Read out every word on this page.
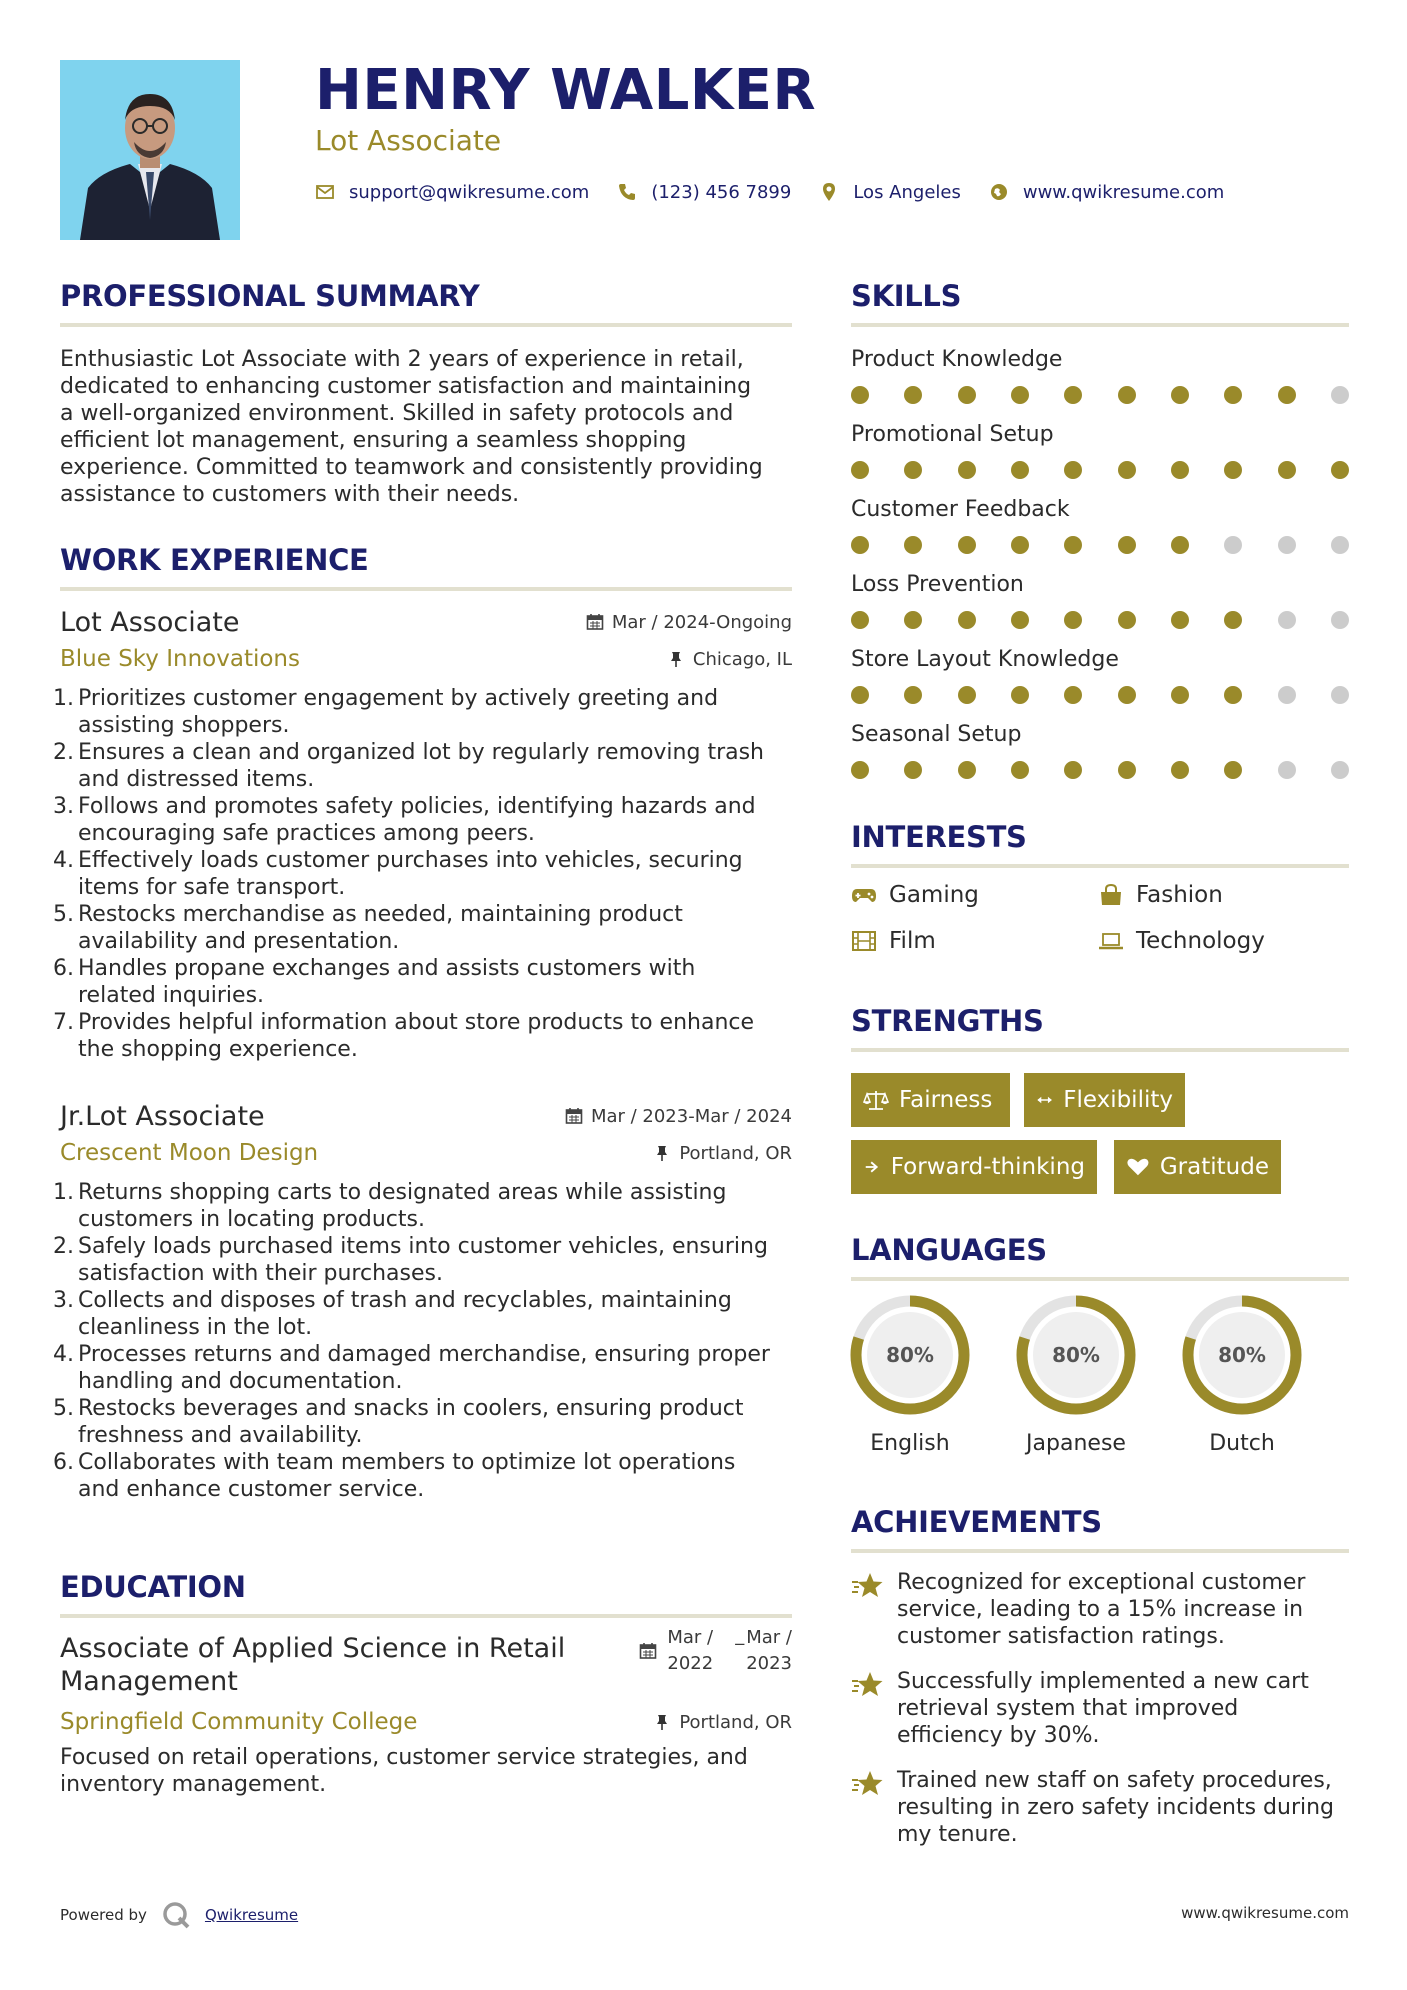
HENRY WALKER
Lot Associate
support@qwikresume.com	(123) 456 7899	Los Angeles	www.qwikresume.com
PROFESSIONAL SUMMARY
Enthusiastic Lot Associate with 2 years of experience in retail,
dedicated to enhancing customer satisfaction and maintaining
a well-organized environment. Skilled in safety protocols and
efficient lot management, ensuring a seamless shopping
experience. Committed to teamwork and consistently providing
assistance to customers with their needs.
WORK EXPERIENCE
Lot Associate	Mar / 2024-Ongoing
Blue Sky Innovations	Chicago, IL
1. Prioritizes customer engagement by actively greeting and
assisting shoppers.
2. Ensures a clean and organized lot by regularly removing trash
and distressed items.
3. Follows and promotes safety policies, identifying hazards and
encouraging safe practices among peers.
4. Effectively loads customer purchases into vehicles, securing
items for safe transport.
5. Restocks merchandise as needed, maintaining product
availability and presentation.
6. Handles propane exchanges and assists customers with
related inquiries.
7. Provides helpful information about store products to enhance
the shopping experience.
Jr.Lot Associate	Mar / 2023-Mar / 2024
Crescent Moon Design	Portland, OR
1. Returns shopping carts to designated areas while assisting
customers in locating products.
2. Safely loads purchased items into customer vehicles, ensuring
satisfaction with their purchases.
3. Collects and disposes of trash and recyclables, maintaining
cleanliness in the lot.
4. Processes returns and damaged merchandise, ensuring proper
handling and documentation.
5. Restocks beverages and snacks in coolers, ensuring product
freshness and availability.
6. Collaborates with team members to optimize lot operations
and enhance customer service.
EDUCATION
Associate of Applied Science in Retail
Management
Mar /
2022
_ Mar /
2023
Springfield Community College	Portland, OR
Focused on retail operations, customer service strategies, and
inventory management.
SKILLS
Product Knowledge
Promotional Setup
Customer Feedback
Loss Prevention
Store Layout Knowledge
Seasonal Setup
INTERESTS
Gaming	Fashion
Film	Technology
STRENGTHS
Fairness	Flexibility
Forward-thinking	Gratitude
LANGUAGES
80%
English
80%
Japanese
80%
Dutch
ACHIEVEMENTS
Recognized for exceptional customer
service, leading to a 15% increase in
customer satisfaction ratings.
Successfully implemented a new cart
retrieval system that improved
efficiency by 30%.
Trained new staff on safety procedures,
resulting in zero safety incidents during
my tenure.
Powered by	Qwikresume	www.qwikresume.com
